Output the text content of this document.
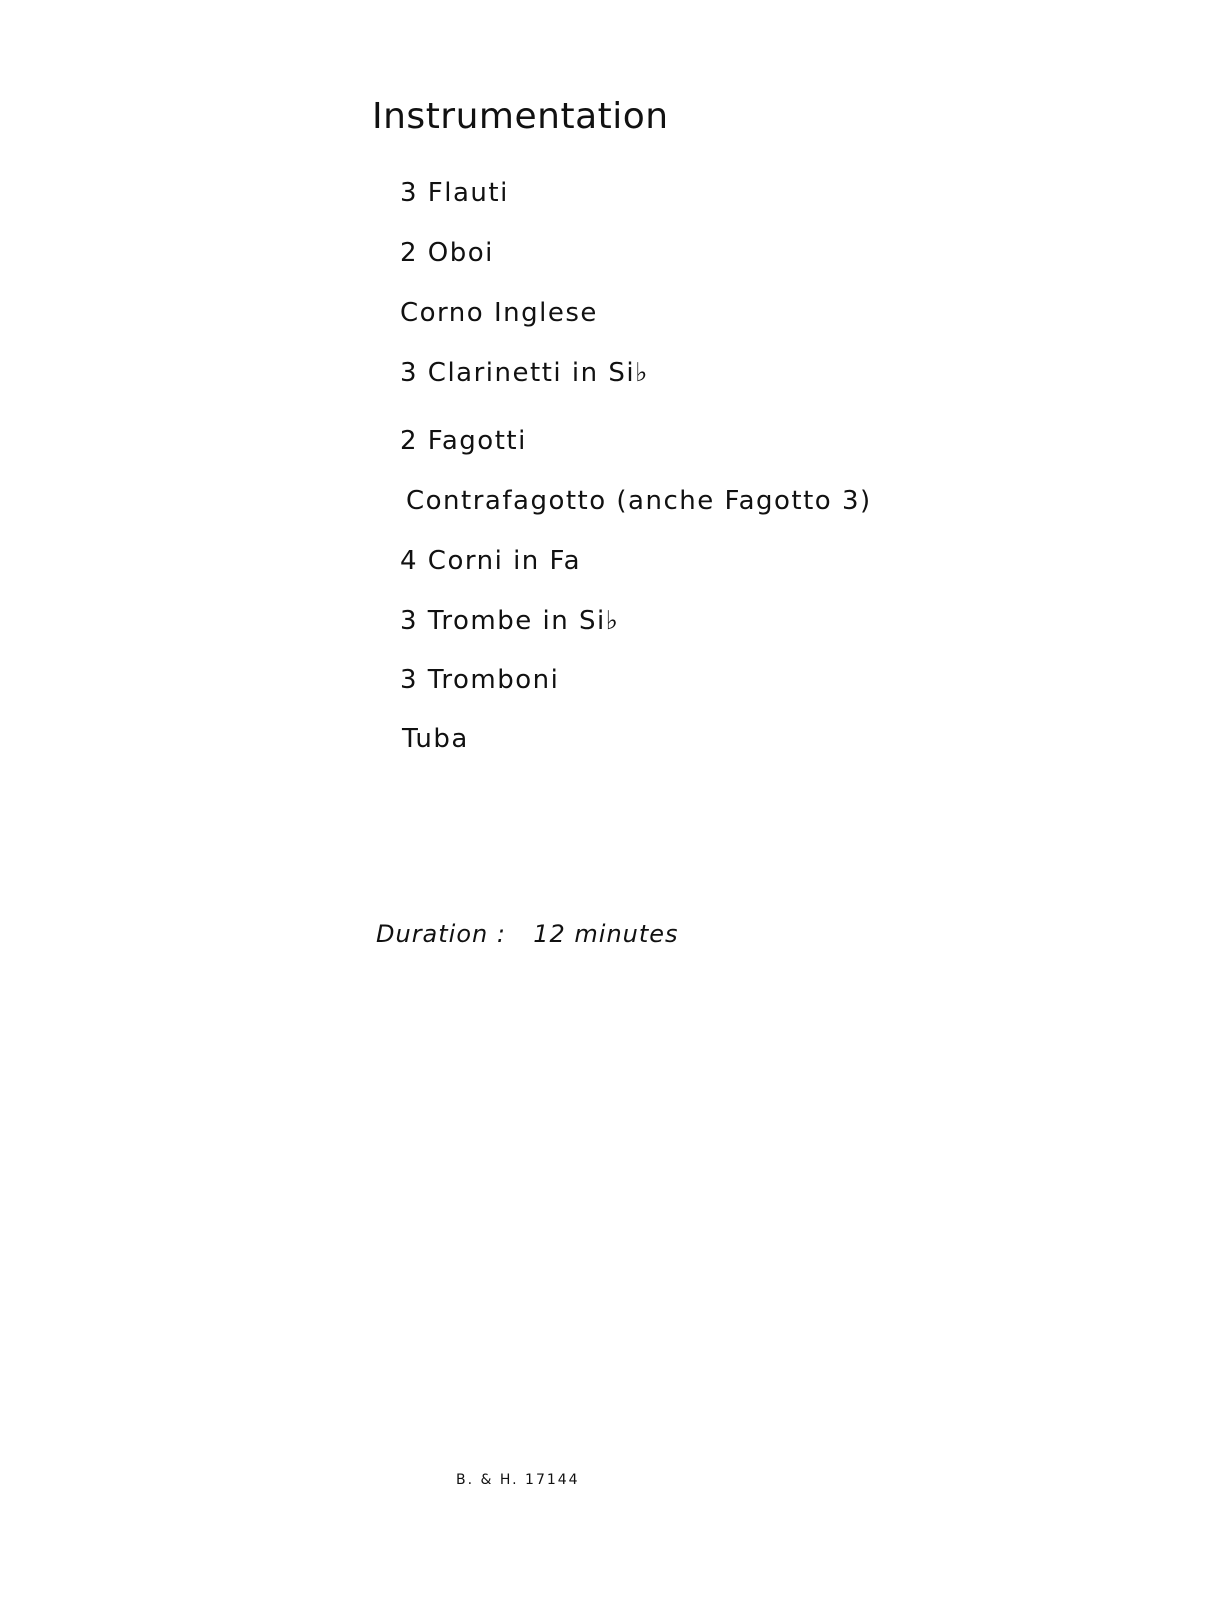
Instrumentation
3 Flauti
2 Oboi
Corno Inglese
3 Clarinetti in Si♭
2 Fagotti
Contrafagotto (anche Fagotto 3)
4 Corni in Fa
3 Trombe in Si♭
3 Tromboni
Tuba
Duration : 12 minutes
B. & H. 17144
